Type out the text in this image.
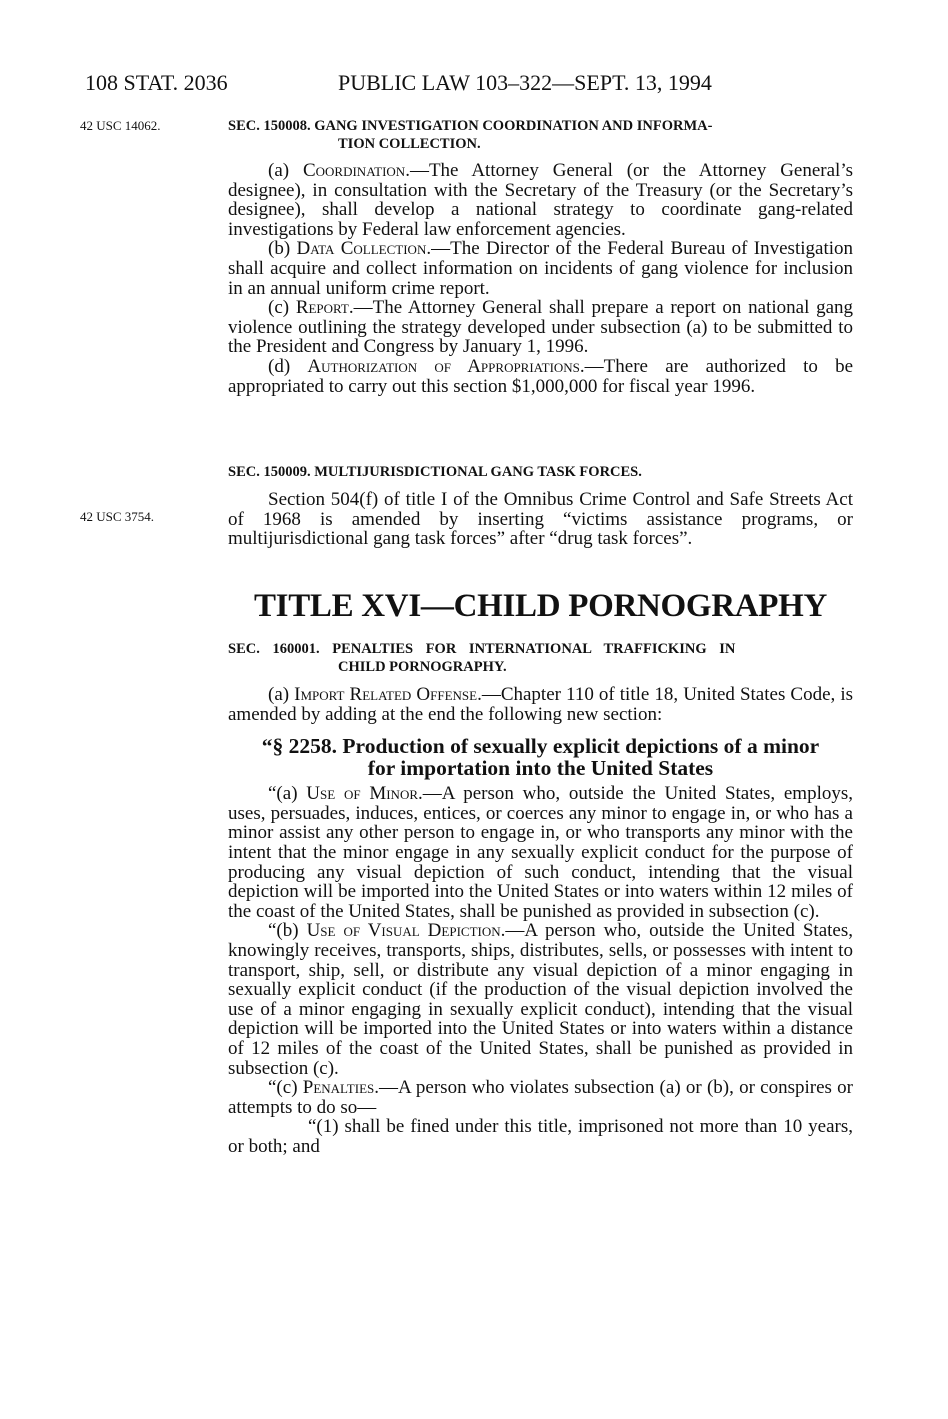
108 STAT. 2036	PUBLIC LAW 103–322—SEPT. 13, 1994
42 USC 14062.
42 USC 3754.

SEC. 150008. GANG INVESTIGATION COORDINATION AND INFORMA-
TION COLLECTION.

(a) Coordination.—The Attorney General (or the Attorney General’s designee), in consultation with the Secretary of the Treasury (or the Secretary’s designee), shall develop a national strategy to coordinate gang-related investigations by Federal law enforcement agencies.

(b) Data Collection.—The Director of the Federal Bureau of Investigation shall acquire and collect information on incidents of gang violence for inclusion in an annual uniform crime report.

(c) Report.—The Attorney General shall prepare a report on national gang violence outlining the strategy developed under subsection (a) to be submitted to the President and Congress by January 1, 1996.

(d) Authorization of Appropriations.—There are authorized to be appropriated to carry out this section $1,000,000 for fiscal year 1996.

SEC. 150009. MULTIJURISDICTIONAL GANG TASK FORCES.

Section 504(f) of title I of the Omnibus Crime Control and Safe Streets Act of 1968 is amended by inserting “victims assistance programs, or multijurisdictional gang task forces” after “drug task forces”.

TITLE XVI—CHILD PORNOGRAPHY

SEC. 160001. PENALTIES FOR INTERNATIONAL TRAFFICKING IN
CHILD PORNOGRAPHY.

(a) Import Related Offense.—Chapter 110 of title 18, United States Code, is amended by adding at the end the following new section:

“§ 2258. Production of sexually explicit depictions of a minor
for importation into the United States

“(a) Use of Minor.—A person who, outside the United States, employs, uses, persuades, induces, entices, or coerces any minor to engage in, or who has a minor assist any other person to engage in, or who transports any minor with the intent that the minor engage in any sexually explicit conduct for the purpose of producing any visual depiction of such conduct, intending that the visual depiction will be imported into the United States or into waters within 12 miles of the coast of the United States, shall be punished as provided in subsection (c).

“(b) Use of Visual Depiction.—A person who, outside the United States, knowingly receives, transports, ships, distributes, sells, or possesses with intent to transport, ship, sell, or distribute any visual depiction of a minor engaging in sexually explicit conduct (if the production of the visual depiction involved the use of a minor engaging in sexually explicit conduct), intending that the visual depiction will be imported into the United States or into waters within a distance of 12 miles of the coast of the United States, shall be punished as provided in subsection (c).

“(c) Penalties.—A person who violates subsection (a) or (b), or conspires or attempts to do so—

“(1) shall be fined under this title, imprisoned not more than 10 years, or both; and
